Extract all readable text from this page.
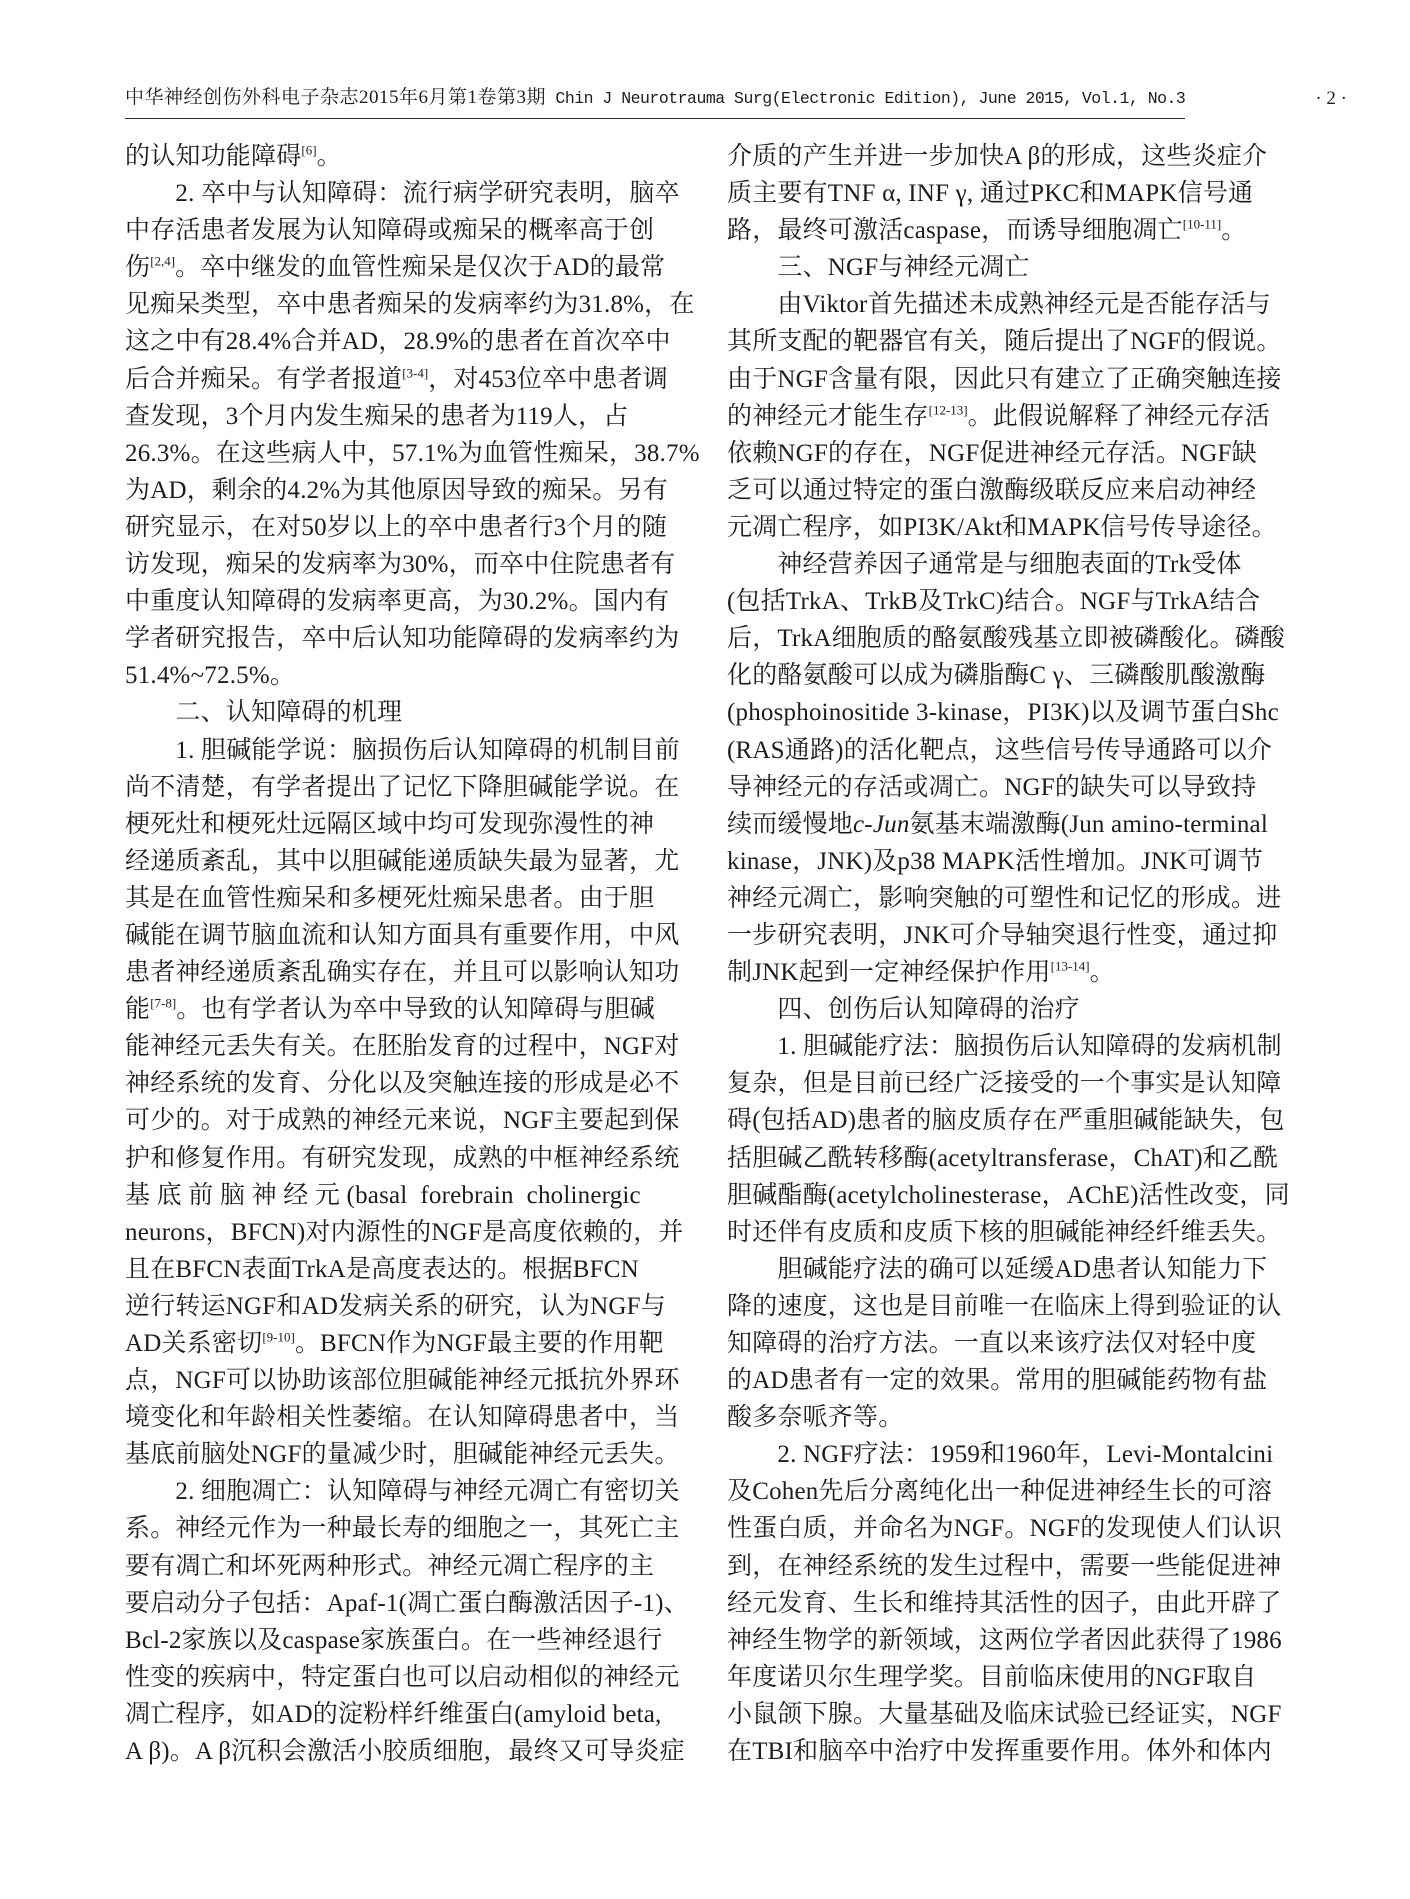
中华神经创伤外科电子杂志2015年6月第1卷第3期 Chin J Neurotrauma Surg(Electronic Edition), June 2015, Vol.1, No.3	· 2 ·
的认知功能障碍[6]。
　　2. 卒中与认知障碍：流行病学研究表明，脑卒
中存活患者发展为认知障碍或痴呆的概率高于创
伤[2,4]。卒中继发的血管性痴呆是仅次于AD的最常
见痴呆类型，卒中患者痴呆的发病率约为31.8%，在
这之中有28.4%合并AD，28.9%的患者在首次卒中
后合并痴呆。有学者报道[3-4]，对453位卒中患者调
查发现，3个月内发生痴呆的患者为119人，占
26.3%。在这些病人中，57.1%为血管性痴呆，38.7%
为AD，剩余的4.2%为其他原因导致的痴呆。另有
研究显示，在对50岁以上的卒中患者行3个月的随
访发现，痴呆的发病率为30%，而卒中住院患者有
中重度认知障碍的发病率更高，为30.2%。国内有
学者研究报告，卒中后认知功能障碍的发病率约为
51.4%~72.5%。
　　二、认知障碍的机理
　　1. 胆碱能学说：脑损伤后认知障碍的机制目前
尚不清楚，有学者提出了记忆下降胆碱能学说。在
梗死灶和梗死灶远隔区域中均可发现弥漫性的神
经递质紊乱，其中以胆碱能递质缺失最为显著，尤
其是在血管性痴呆和多梗死灶痴呆患者。由于胆
碱能在调节脑血流和认知方面具有重要作用，中风
患者神经递质紊乱确实存在，并且可以影响认知功
能[7-8]。也有学者认为卒中导致的认知障碍与胆碱
能神经元丢失有关。在胚胎发育的过程中，NGF对
神经系统的发育、分化以及突触连接的形成是必不
可少的。对于成熟的神经元来说，NGF主要起到保
护和修复作用。有研究发现，成熟的中框神经系统
基 底 前 脑 神 经 元 (basal  forebrain  cholinergic
neurons，BFCN)对内源性的NGF是高度依赖的，并
且在BFCN表面TrkA是高度表达的。根据BFCN
逆行转运NGF和AD发病关系的研究，认为NGF与
AD关系密切[9-10]。BFCN作为NGF最主要的作用靶
点，NGF可以协助该部位胆碱能神经元抵抗外界环
境变化和年龄相关性萎缩。在认知障碍患者中，当
基底前脑处NGF的量减少时，胆碱能神经元丢失。
　　2. 细胞凋亡：认知障碍与神经元凋亡有密切关
系。神经元作为一种最长寿的细胞之一，其死亡主
要有凋亡和坏死两种形式。神经元凋亡程序的主
要启动分子包括：Apaf-1(凋亡蛋白酶激活因子-1)、
Bcl-2家族以及caspase家族蛋白。在一些神经退行
性变的疾病中，特定蛋白也可以启动相似的神经元
凋亡程序，如AD的淀粉样纤维蛋白(amyloid beta,
A β)。A β沉积会激活小胶质细胞，最终又可导炎症
介质的产生并进一步加快A β的形成，这些炎症介
质主要有TNF α, INF γ, 通过PKC和MAPK信号通
路，最终可激活caspase，而诱导细胞凋亡[10-11]。
　　三、NGF与神经元凋亡
　　由Viktor首先描述未成熟神经元是否能存活与
其所支配的靶器官有关，随后提出了NGF的假说。
由于NGF含量有限，因此只有建立了正确突触连接
的神经元才能生存[12-13]。此假说解释了神经元存活
依赖NGF的存在，NGF促进神经元存活。NGF缺
乏可以通过特定的蛋白激酶级联反应来启动神经
元凋亡程序，如PI3K/Akt和MAPK信号传导途径。
　　神经营养因子通常是与细胞表面的Trk受体
(包括TrkA、TrkB及TrkC)结合。NGF与TrkA结合
后，TrkA细胞质的酪氨酸残基立即被磷酸化。磷酸
化的酪氨酸可以成为磷脂酶C γ、三磷酸肌酸激酶
(phosphoinositide 3-kinase，PI3K)以及调节蛋白Shc
(RAS通路)的活化靶点，这些信号传导通路可以介
导神经元的存活或凋亡。NGF的缺失可以导致持
续而缓慢地c-Jun氨基末端激酶(Jun amino-terminal
kinase，JNK)及p38 MAPK活性增加。JNK可调节
神经元凋亡，影响突触的可塑性和记忆的形成。进
一步研究表明，JNK可介导轴突退行性变，通过抑
制JNK起到一定神经保护作用[13-14]。
　　四、创伤后认知障碍的治疗
　　1. 胆碱能疗法：脑损伤后认知障碍的发病机制
复杂，但是目前已经广泛接受的一个事实是认知障
碍(包括AD)患者的脑皮质存在严重胆碱能缺失，包
括胆碱乙酰转移酶(acetyltransferase，ChAT)和乙酰
胆碱酯酶(acetylcholinesterase，AChE)活性改变，同
时还伴有皮质和皮质下核的胆碱能神经纤维丢失。
　　胆碱能疗法的确可以延缓AD患者认知能力下
降的速度，这也是目前唯一在临床上得到验证的认
知障碍的治疗方法。一直以来该疗法仅对轻中度
的AD患者有一定的效果。常用的胆碱能药物有盐
酸多奈哌齐等。
　　2. NGF疗法：1959和1960年，Levi-Montalcini
及Cohen先后分离纯化出一种促进神经生长的可溶
性蛋白质，并命名为NGF。NGF的发现使人们认识
到，在神经系统的发生过程中，需要一些能促进神
经元发育、生长和维持其活性的因子，由此开辟了
神经生物学的新领域，这两位学者因此获得了1986
年度诺贝尔生理学奖。目前临床使用的NGF取自
小鼠颌下腺。大量基础及临床试验已经证实，NGF
在TBI和脑卒中治疗中发挥重要作用。体外和体内
